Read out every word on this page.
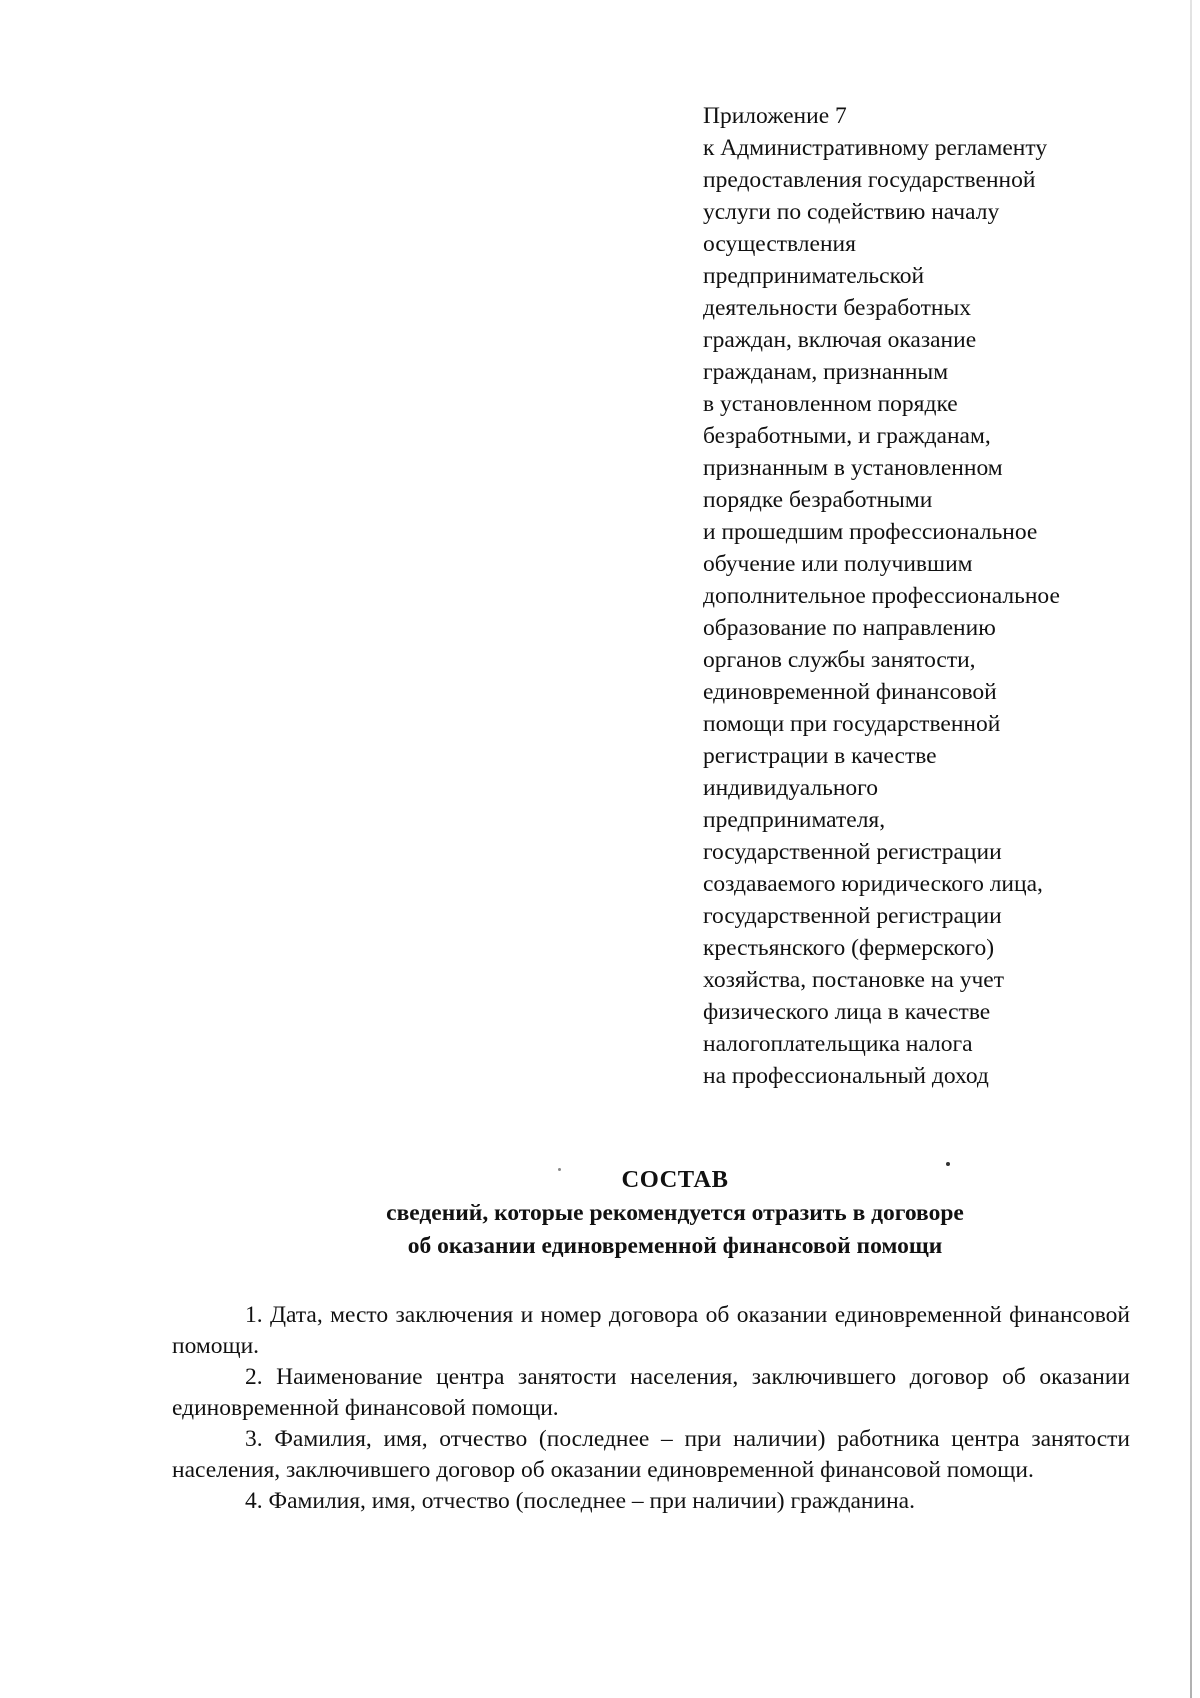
Приложение 7
к Административному регламенту
предоставления государственной
услуги по содействию началу
осуществления
предпринимательской
деятельности безработных
граждан, включая оказание
гражданам, признанным
в установленном порядке
безработными, и гражданам,
признанным в установленном
порядке безработными
и прошедшим профессиональное
обучение или получившим
дополнительное профессиональное
образование по направлению
органов службы занятости,
единовременной финансовой
помощи при государственной
регистрации в качестве
индивидуального
предпринимателя,
государственной регистрации
создаваемого юридического лица,
государственной регистрации
крестьянского (фермерского)
хозяйства, постановке на учет
физического лица в качестве
налогоплательщика налога
на профессиональный доход
СОСТАВ
сведений, которые рекомендуется отразить в договоре
об оказании единовременной финансовой помощи

1. Дата, место заключения и номер договора об оказании единовременной финансовой помощи.

2. Наименование центра занятости населения, заключившего договор об оказании единовременной финансовой помощи.

3. Фамилия, имя, отчество (последнее – при наличии) работника центра занятости населения, заключившего договор об оказании единовременной финансовой помощи.

4. Фамилия, имя, отчество (последнее – при наличии) гражданина.
